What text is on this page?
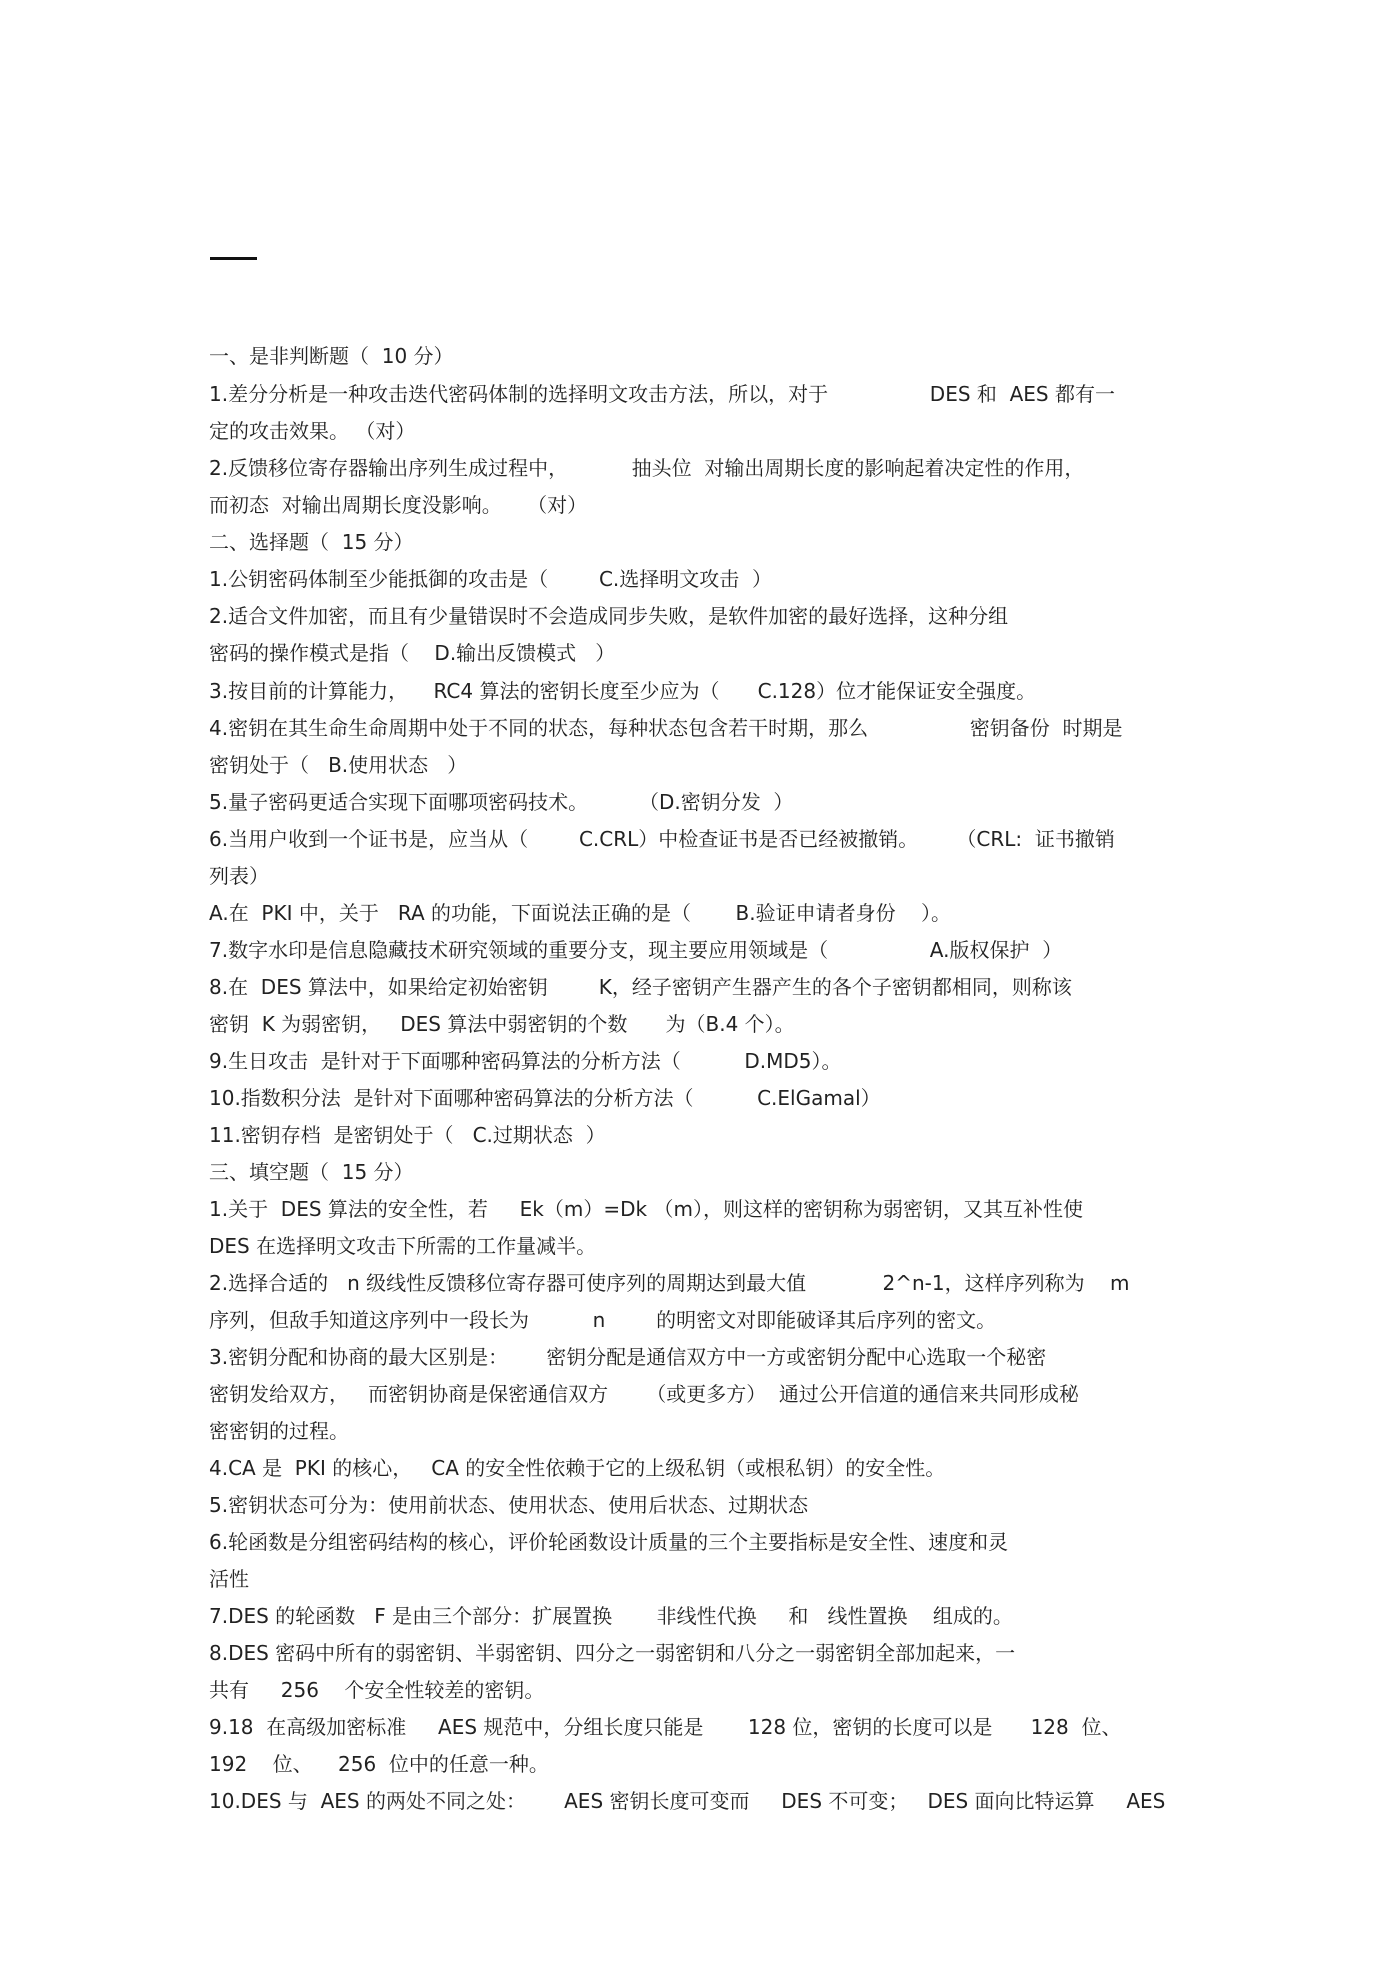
一、是非判断题（  10 分）
1.差分分析是一种攻击迭代密码体制的选择明文攻击方法，所以，对于                DES 和  AES 都有一
定的攻击效果。 （对）
2.反馈移位寄存器输出序列生成过程中，          抽头位  对输出周期长度的影响起着决定性的作用，
而初态  对输出周期长度没影响。    （对）
二、选择题（  15 分）
1.公钥密码体制至少能抵御的攻击是（        C.选择明文攻击  ）
2.适合文件加密，而且有少量错误时不会造成同步失败，是软件加密的最好选择，这种分组
密码的操作模式是指（    D.输出反馈模式   ）
3.按目前的计算能力，    RC4 算法的密钥长度至少应为（      C.128）位才能保证安全强度。
4.密钥在其生命生命周期中处于不同的状态，每种状态包含若干时期，那么                密钥备份  时期是
密钥处于（   B.使用状态   ）
5.量子密码更适合实现下面哪项密码技术。        （D.密钥分发  ）
6.当用户收到一个证书是，应当从（        C.CRL）中检查证书是否已经被撤销。      （CRL:  证书撤销
列表）
A.在  PKI 中，关于   RA 的功能，下面说法正确的是（       B.验证申请者身份    ）。
7.数字水印是信息隐藏技术研究领域的重要分支，现主要应用领域是（                A.版权保护  ）
8.在  DES 算法中，如果给定初始密钥        K，经子密钥产生器产生的各个子密钥都相同，则称该
密钥  K 为弱密钥，   DES 算法中弱密钥的个数      为（B.4 个）。
9.生日攻击  是针对于下面哪种密码算法的分析方法（          D.MD5）。
10.指数积分法  是针对下面哪种密码算法的分析方法（          C.ElGamal）
11.密钥存档  是密钥处于（   C.过期状态  ）
三、填空题（  15 分）
1.关于  DES 算法的安全性，若     Ek（m）=Dk （m），则这样的密钥称为弱密钥，又其互补性使
DES 在选择明文攻击下所需的工作量减半。
2.选择合适的   n 级线性反馈移位寄存器可使序列的周期达到最大值            2^n-1，这样序列称为    m
序列，但敌手知道这序列中一段长为          n        的明密文对即能破译其后序列的密文。
3.密钥分配和协商的最大区别是：      密钥分配是通信双方中一方或密钥分配中心选取一个秘密
密钥发给双方，   而密钥协商是保密通信双方      （或更多方）  通过公开信道的通信来共同形成秘
密密钥的过程。
4.CA 是  PKI 的核心，   CA 的安全性依赖于它的上级私钥（或根私钥）的安全性。
5.密钥状态可分为：使用前状态、使用状态、使用后状态、过期状态
6.轮函数是分组密码结构的核心，评价轮函数设计质量的三个主要指标是安全性、速度和灵
活性
7.DES 的轮函数   F 是由三个部分：扩展置换       非线性代换     和   线性置换    组成的。
8.DES 密码中所有的弱密钥、半弱密钥、四分之一弱密钥和八分之一弱密钥全部加起来，一
共有     256    个安全性较差的密钥。
9.18  在高级加密标准     AES 规范中，分组长度只能是       128 位，密钥的长度可以是      128  位、
192    位、    256  位中的任意一种。
10.DES 与  AES 的两处不同之处：      AES 密钥长度可变而     DES 不可变；   DES 面向比特运算     AES
